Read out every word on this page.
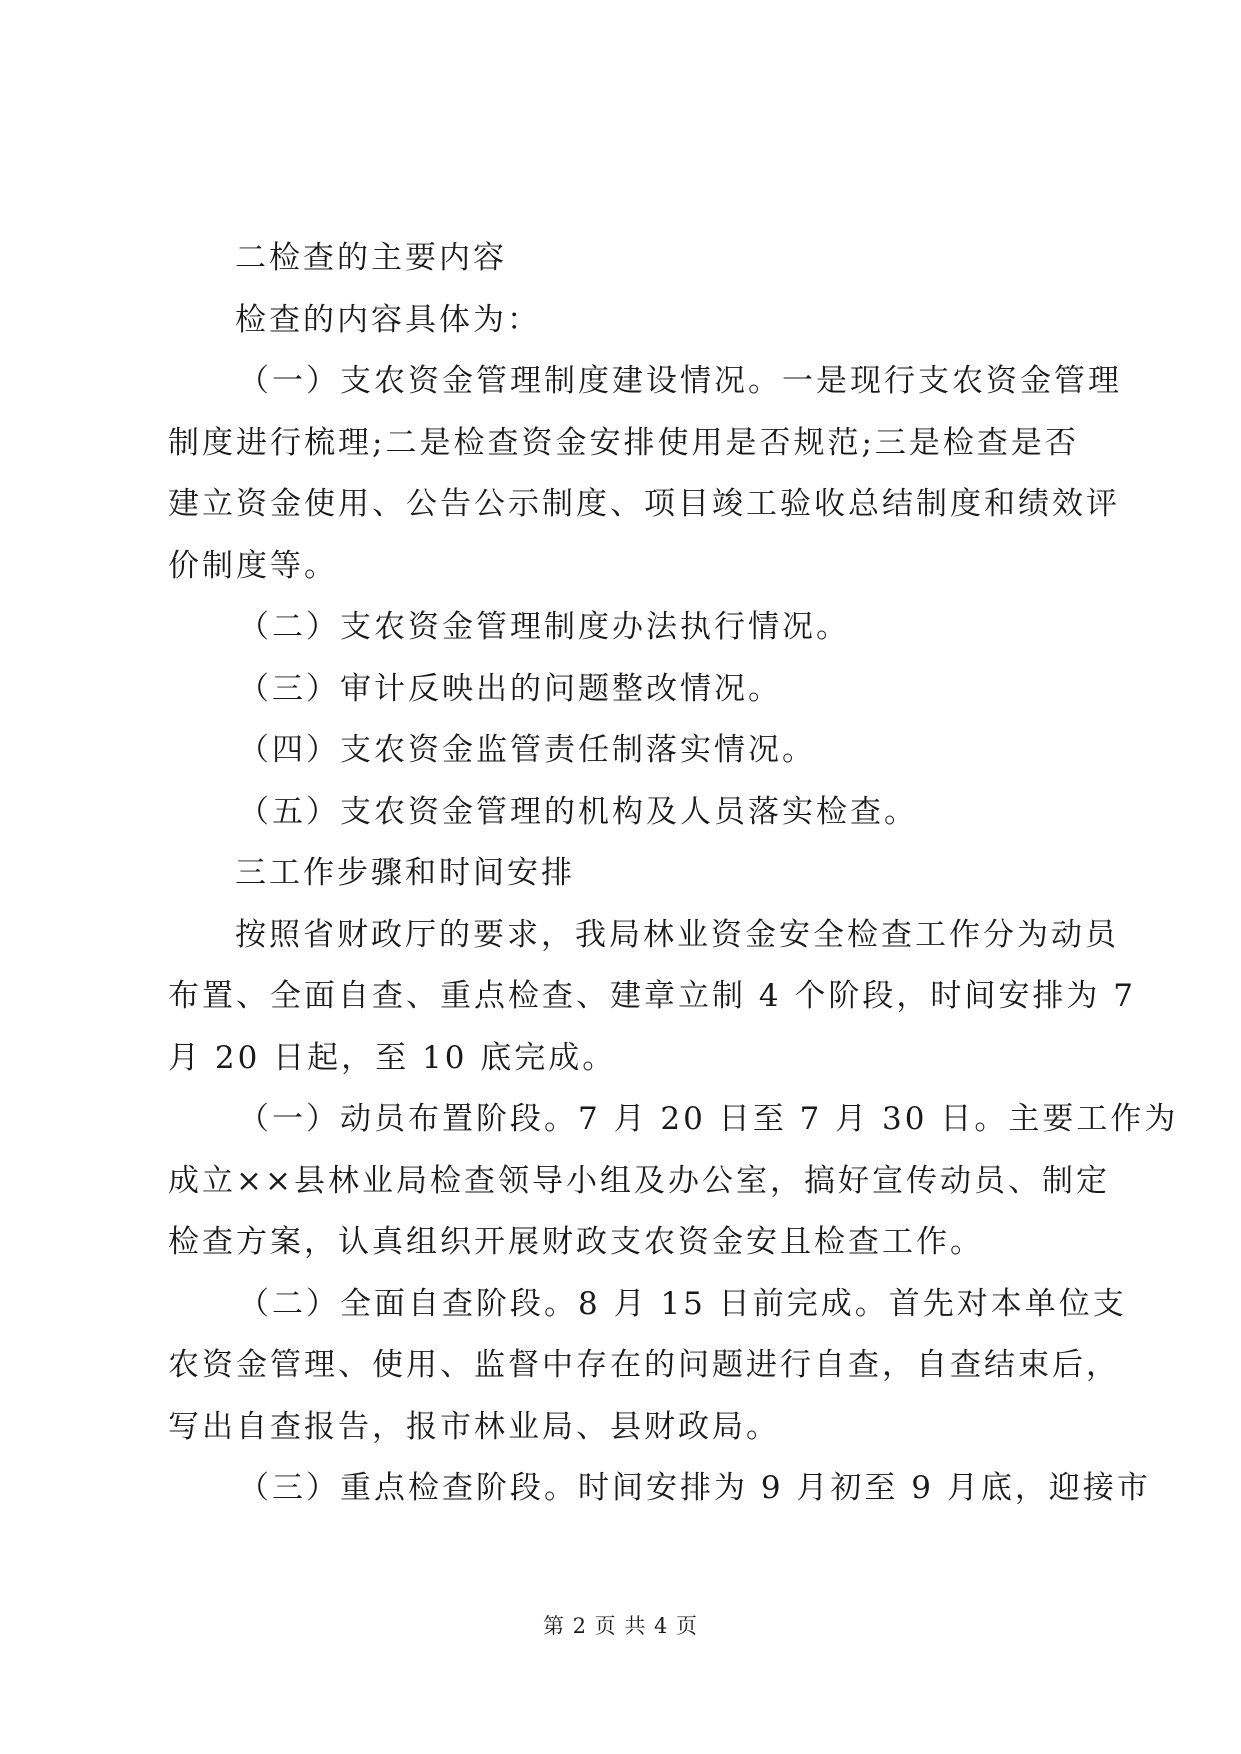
二检查的主要内容
检查的内容具体为：
（一）支农资金管理制度建设情况。一是现行支农资金管理
制度进行梳理;二是检查资金安排使用是否规范;三是检查是否
建立资金使用、公告公示制度、项目竣工验收总结制度和绩效评
价制度等。
（二）支农资金管理制度办法执行情况。
（三）审计反映出的问题整改情况。
（四）支农资金监管责任制落实情况。
（五）支农资金管理的机构及人员落实检查。
三工作步骤和时间安排
按照省财政厅的要求，我局林业资金安全检查工作分为动员
布置、全面自查、重点检查、建章立制 4 个阶段，时间安排为 7
月 20 日起，至 10 底完成。
（一）动员布置阶段。7 月 20 日至 7 月 30 日。主要工作为
成立××县林业局检查领导小组及办公室，搞好宣传动员、制定
检查方案，认真组织开展财政支农资金安且检查工作。
（二）全面自查阶段。8 月 15 日前完成。首先对本单位支
农资金管理、使用、监督中存在的问题进行自查，自查结束后，
写出自查报告，报市林业局、县财政局。
（三）重点检查阶段。时间安排为 9 月初至 9 月底，迎接市
第 2 页 共 4 页
